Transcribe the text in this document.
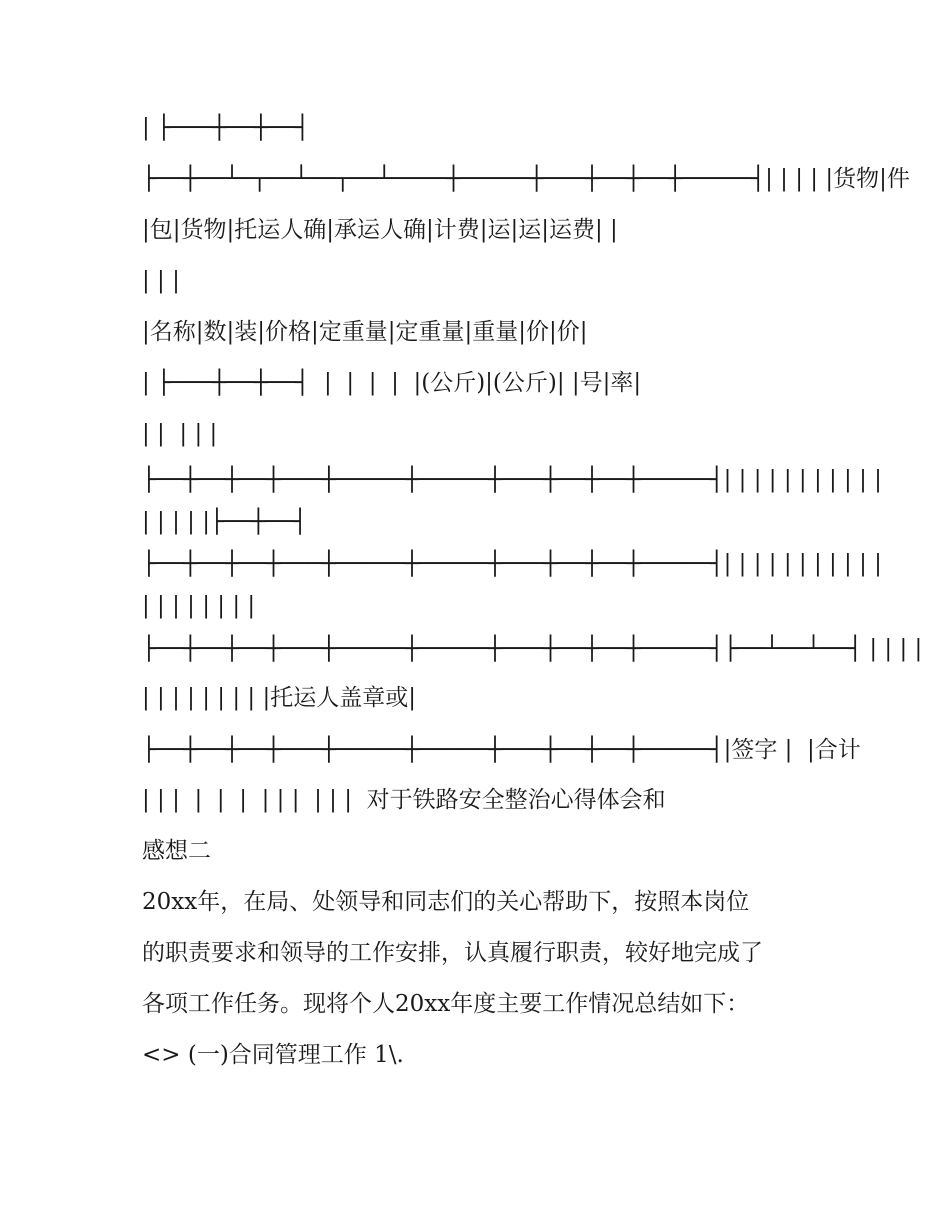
| ├───┼──┼──┤
├──┼──┴─┬──┴──┬──┴────┼─────┼───┼──┼──┼─────┤| | | | |货物|件
|包|货物|托运人确|承运人确|计费|运|运|运费| |
| | |
|名称|数|装|价格|定重量|定重量|重量|价|价|
| ├───┼──┼──┤  |  |  |  |  |(公斤)|(公斤)| |号|率|
| |  | | |
├──┼──┼──┼───┼─────┼─────┼───┼──┼──┼─────┤| | | | | | | | | | |
| | | | |├──┼──┤
├──┼──┼──┼───┼─────┼─────┼───┼──┼──┼─────┤| | | | | | | | | | |
| | | | | | | |
├──┼──┼──┼───┼─────┼─────┼───┼──┼──┼─────┤├──┴──┴──┤ | | | |
| | | | | | | | |托运人盖章或|
├──┼──┼──┼───┼─────┼─────┼───┼──┼──┼─────┤|签字 |  |合计
| | |  |  |  |  | | |  | | |  对于铁路安全整治心得体会和
感想二
20xx年，在局、处领导和同志们的关心帮助下，按照本岗位
的职责要求和领导的工作安排，认真履行职责，较好地完成了
各项工作任务。现将个人20xx年度主要工作情况总结如下：
<> (一)合同管理工作 1\.
